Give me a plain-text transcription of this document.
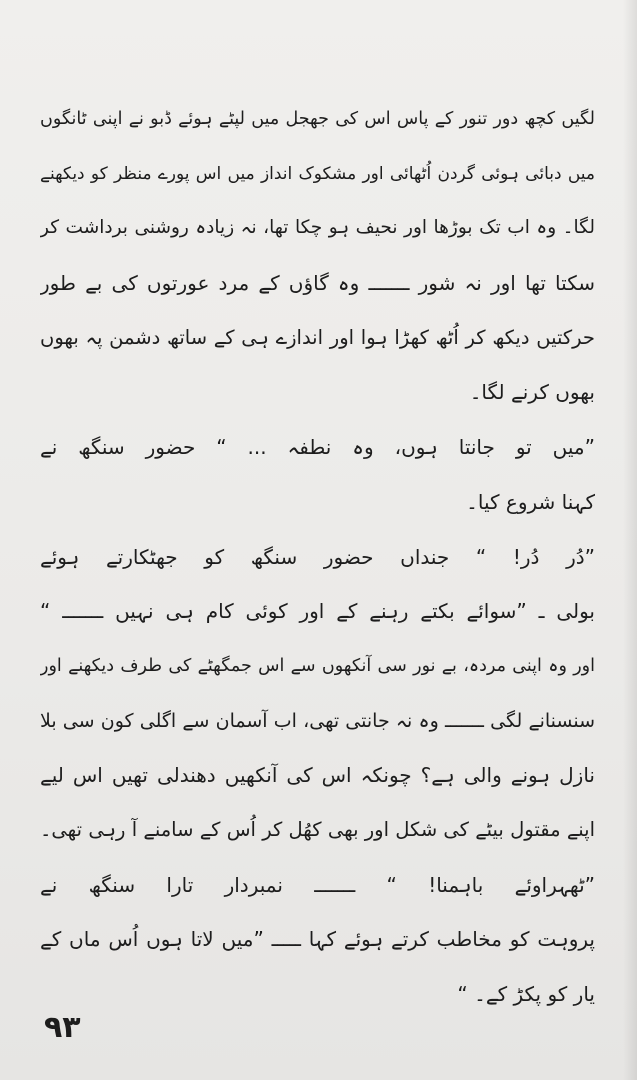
لگیں کچھ دور تنور کے پاس اس کی جھجل میں لپٹے ہوئے ڈبو نے اپنی ٹانگوں
میں دبائی ہوئی گردن اُٹھائی اور مشکوک انداز میں اس پورے منظر کو دیکھنے
لگا۔ وہ اب تک بوڑھا اور نحیف ہو چکا تھا، نہ زیادہ روشنی برداشت کر
سکتا تھا اور نہ شور ـــــــ وہ گاؤں کے مرد عورتوں کی بے طور
حرکتیں دیکھ کر اُٹھ کھڑا ہوا اور اندازے ہی کے ساتھ دشمن پہ بھوں
بھوں کرنے لگا۔
”میں تو جانتا ہوں، وہ نطفہ ... “ حضور سنگھ نے
کہنا شروع کیا۔
”دُر دُر! “ جنداں حضور سنگھ کو جھٹکارتے ہوئے
بولی ـ ”سوائے بکتے رہنے کے اور کوئی کام ہی نہیں ـــــــ “
اور وہ اپنی مردہ، بے نور سی آنکھوں سے اس جمگھٹے کی طرف دیکھنے اور
سنسنانے لگی ـــــــ وہ نہ جانتی تھی، اب آسمان سے اگلی کون سی بلا
نازل ہونے والی ہے؟ چونکہ اس کی آنکھیں دھندلی تھیں اس لیے
اپنے مقتول بیٹے کی شکل اور بھی کھُل کر اُس کے سامنے آ رہی تھی۔
”ٹھہراوئے باہمنا! “ ـــــــ نمبردار تارا سنگھ نے
پروہت کو مخاطب کرتے ہوئے کہا ـــــ ”میں لاتا ہوں اُس ماں کے
یار کو پکڑ کے۔ “
۹۳
